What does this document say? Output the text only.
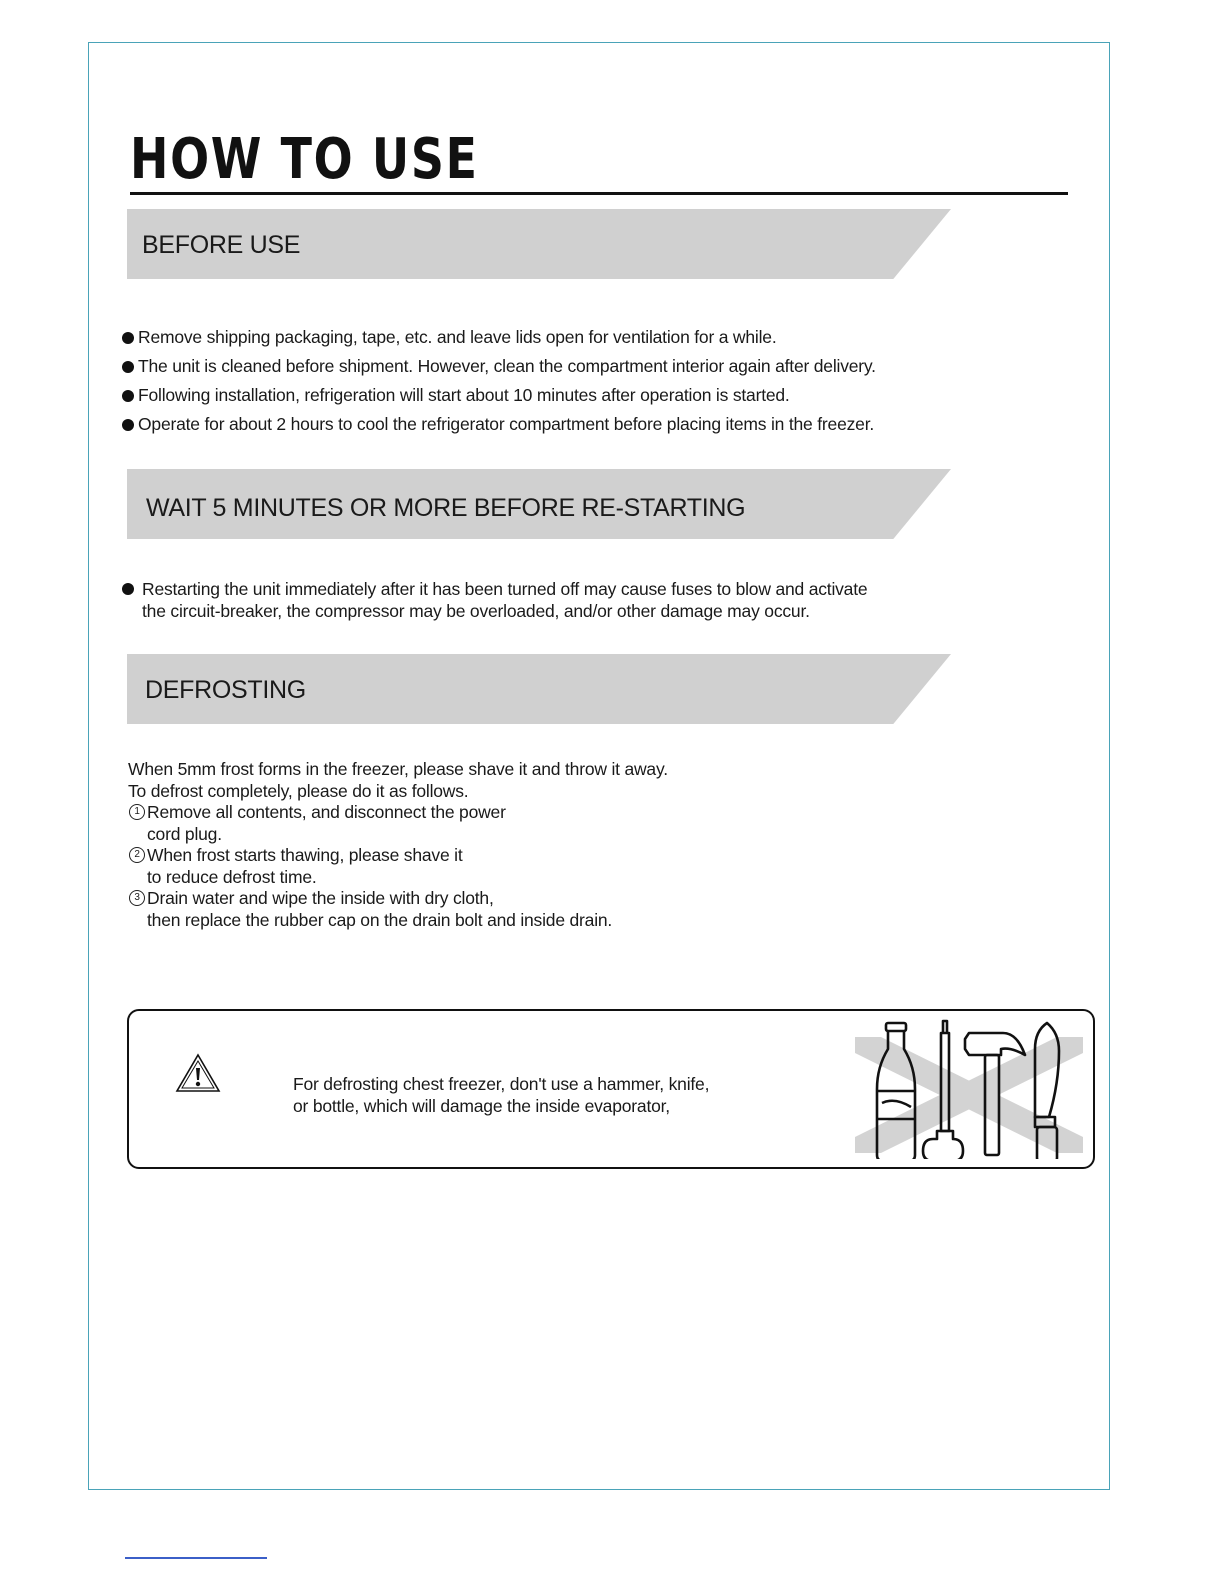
HOW TO USE
BEFORE USE
Remove shipping packaging, tape, etc. and leave lids open for ventilation for a while.
The unit is cleaned before shipment. However, clean the compartment interior again after delivery.
Following installation, refrigeration will start about 10 minutes after operation is started.
Operate for about 2 hours to cool the refrigerator compartment before placing items in the freezer.
WAIT 5 MINUTES OR MORE BEFORE RE-STARTING
Restarting the unit immediately after it has been turned off may cause fuses to blow and activate
the circuit-breaker, the compressor may be overloaded, and/or other damage may occur.
DEFROSTING
When 5mm frost forms in the freezer, please shave it and throw it away.
To defrost completely, please do it as follows.
1 Remove all contents, and disconnect the power
cord plug.
2 When frost starts thawing, please shave it
to reduce defrost time.
3 Drain water and wipe the inside with dry cloth,
then replace the rubber cap on the drain bolt and inside drain.
For defrosting chest freezer, don't use a hammer, knife,
or bottle, which will damage the inside evaporator,
